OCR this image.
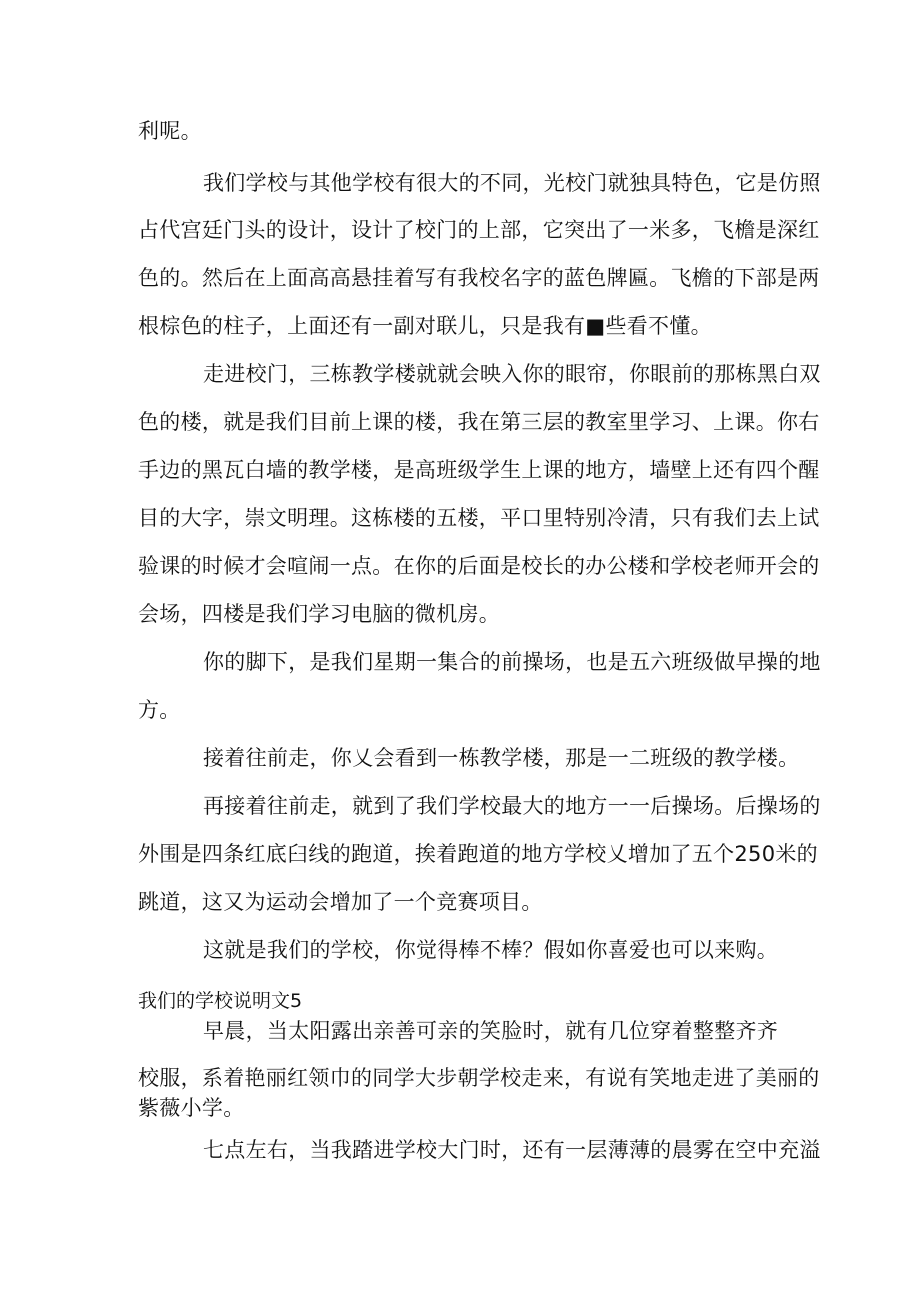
利呢。
我们学校与其他学校有很大的不同，光校门就独具特色，它是仿照
占代宫廷门头的设计，设计了校门的上部，它突出了一米多，飞檐是深红
色的。然后在上面高高悬挂着写有我校名字的蓝色牌匾。飞檐的下部是两
根棕色的柱子，上面还有一副对联儿，只是我有■些看不懂。
走进校门，三栋教学楼就就会映入你的眼帘，你眼前的那栋黑白双
色的楼，就是我们目前上课的楼，我在第三层的教室里学习、上课。你右
手边的黑瓦白墙的教学楼，是高班级学生上课的地方，墙壁上还有四个醒
目的大字，崇文明理。这栋楼的五楼，平口里特别冷清，只有我们去上试
验课的时候才会喧闹一点。在你的后面是校长的办公楼和学校老师开会的
会场，四楼是我们学习电脑的微机房。
你的脚下，是我们星期一集合的前操场，也是五六班级做早操的地
方。
接着往前走，你乂会看到一栋教学楼，那是一二班级的教学楼。
再接着往前走，就到了我们学校最大的地方一一后操场。后操场的
外围是四条红底臼线的跑道，挨着跑道的地方学校乂增加了五个250米的
跳道，这又为运动会增加了一个竞赛项目。
这就是我们的学校，你觉得棒不棒？假如你喜爱也可以来购。
我们的学校说明文5
早晨，当太阳露出亲善可亲的笑脸时，就有几位穿着整整齐齐
校服，系着艳丽红领巾的同学大步朝学校走来，有说有笑地走进了美丽的
紫薇小学。
七点左右，当我踏进学校大门时，还有一层薄薄的晨雾在空中充溢
